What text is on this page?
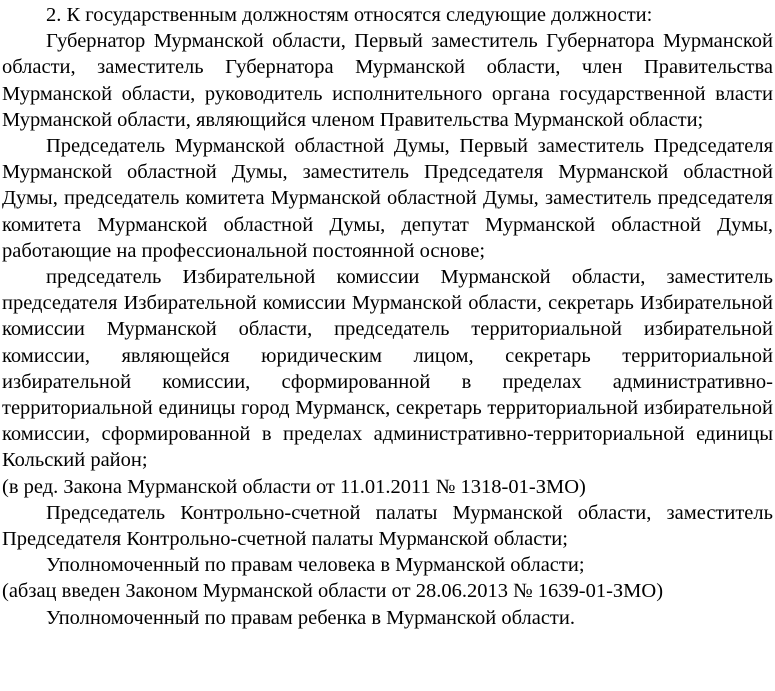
2. К государственным должностям относятся следующие должности:

Губернатор Мурманской области, Первый заместитель Губернатора Мурманской области, заместитель Губернатора Мурманской области, член Правительства Мурманской области, руководитель исполнительного органа государственной власти Мурманской области, являющийся членом Правительства Мурманской области;

Председатель Мурманской областной Думы, Первый заместитель Председателя Мурманской областной Думы, заместитель Председателя Мурманской областной Думы, председатель комитета Мурманской областной Думы, заместитель председателя комитета Мурманской областной Думы, депутат Мурманской областной Думы, работающие на профессиональной постоянной основе;

председатель Избирательной комиссии Мурманской области, заместитель председателя Избирательной комиссии Мурманской области, секретарь Избирательной комиссии Мурманской области, председатель территориальной избирательной комиссии, являющейся юридическим лицом, секретарь территориальной избирательной комиссии, сформированной в пределах административно-территориальной единицы город Мурманск, секретарь территориальной избирательной комиссии, сформированной в пределах административно-территориальной единицы Кольский район;

(в ред. Закона Мурманской области от 11.01.2011 № 1318-01-ЗМО)

Председатель Контрольно-счетной палаты Мурманской области, заместитель Председателя Контрольно-счетной палаты Мурманской области;

Уполномоченный по правам человека в Мурманской области;

(абзац введен Законом Мурманской области от 28.06.2013 № 1639-01-ЗМО)

Уполномоченный по правам ребенка в Мурманской области.
